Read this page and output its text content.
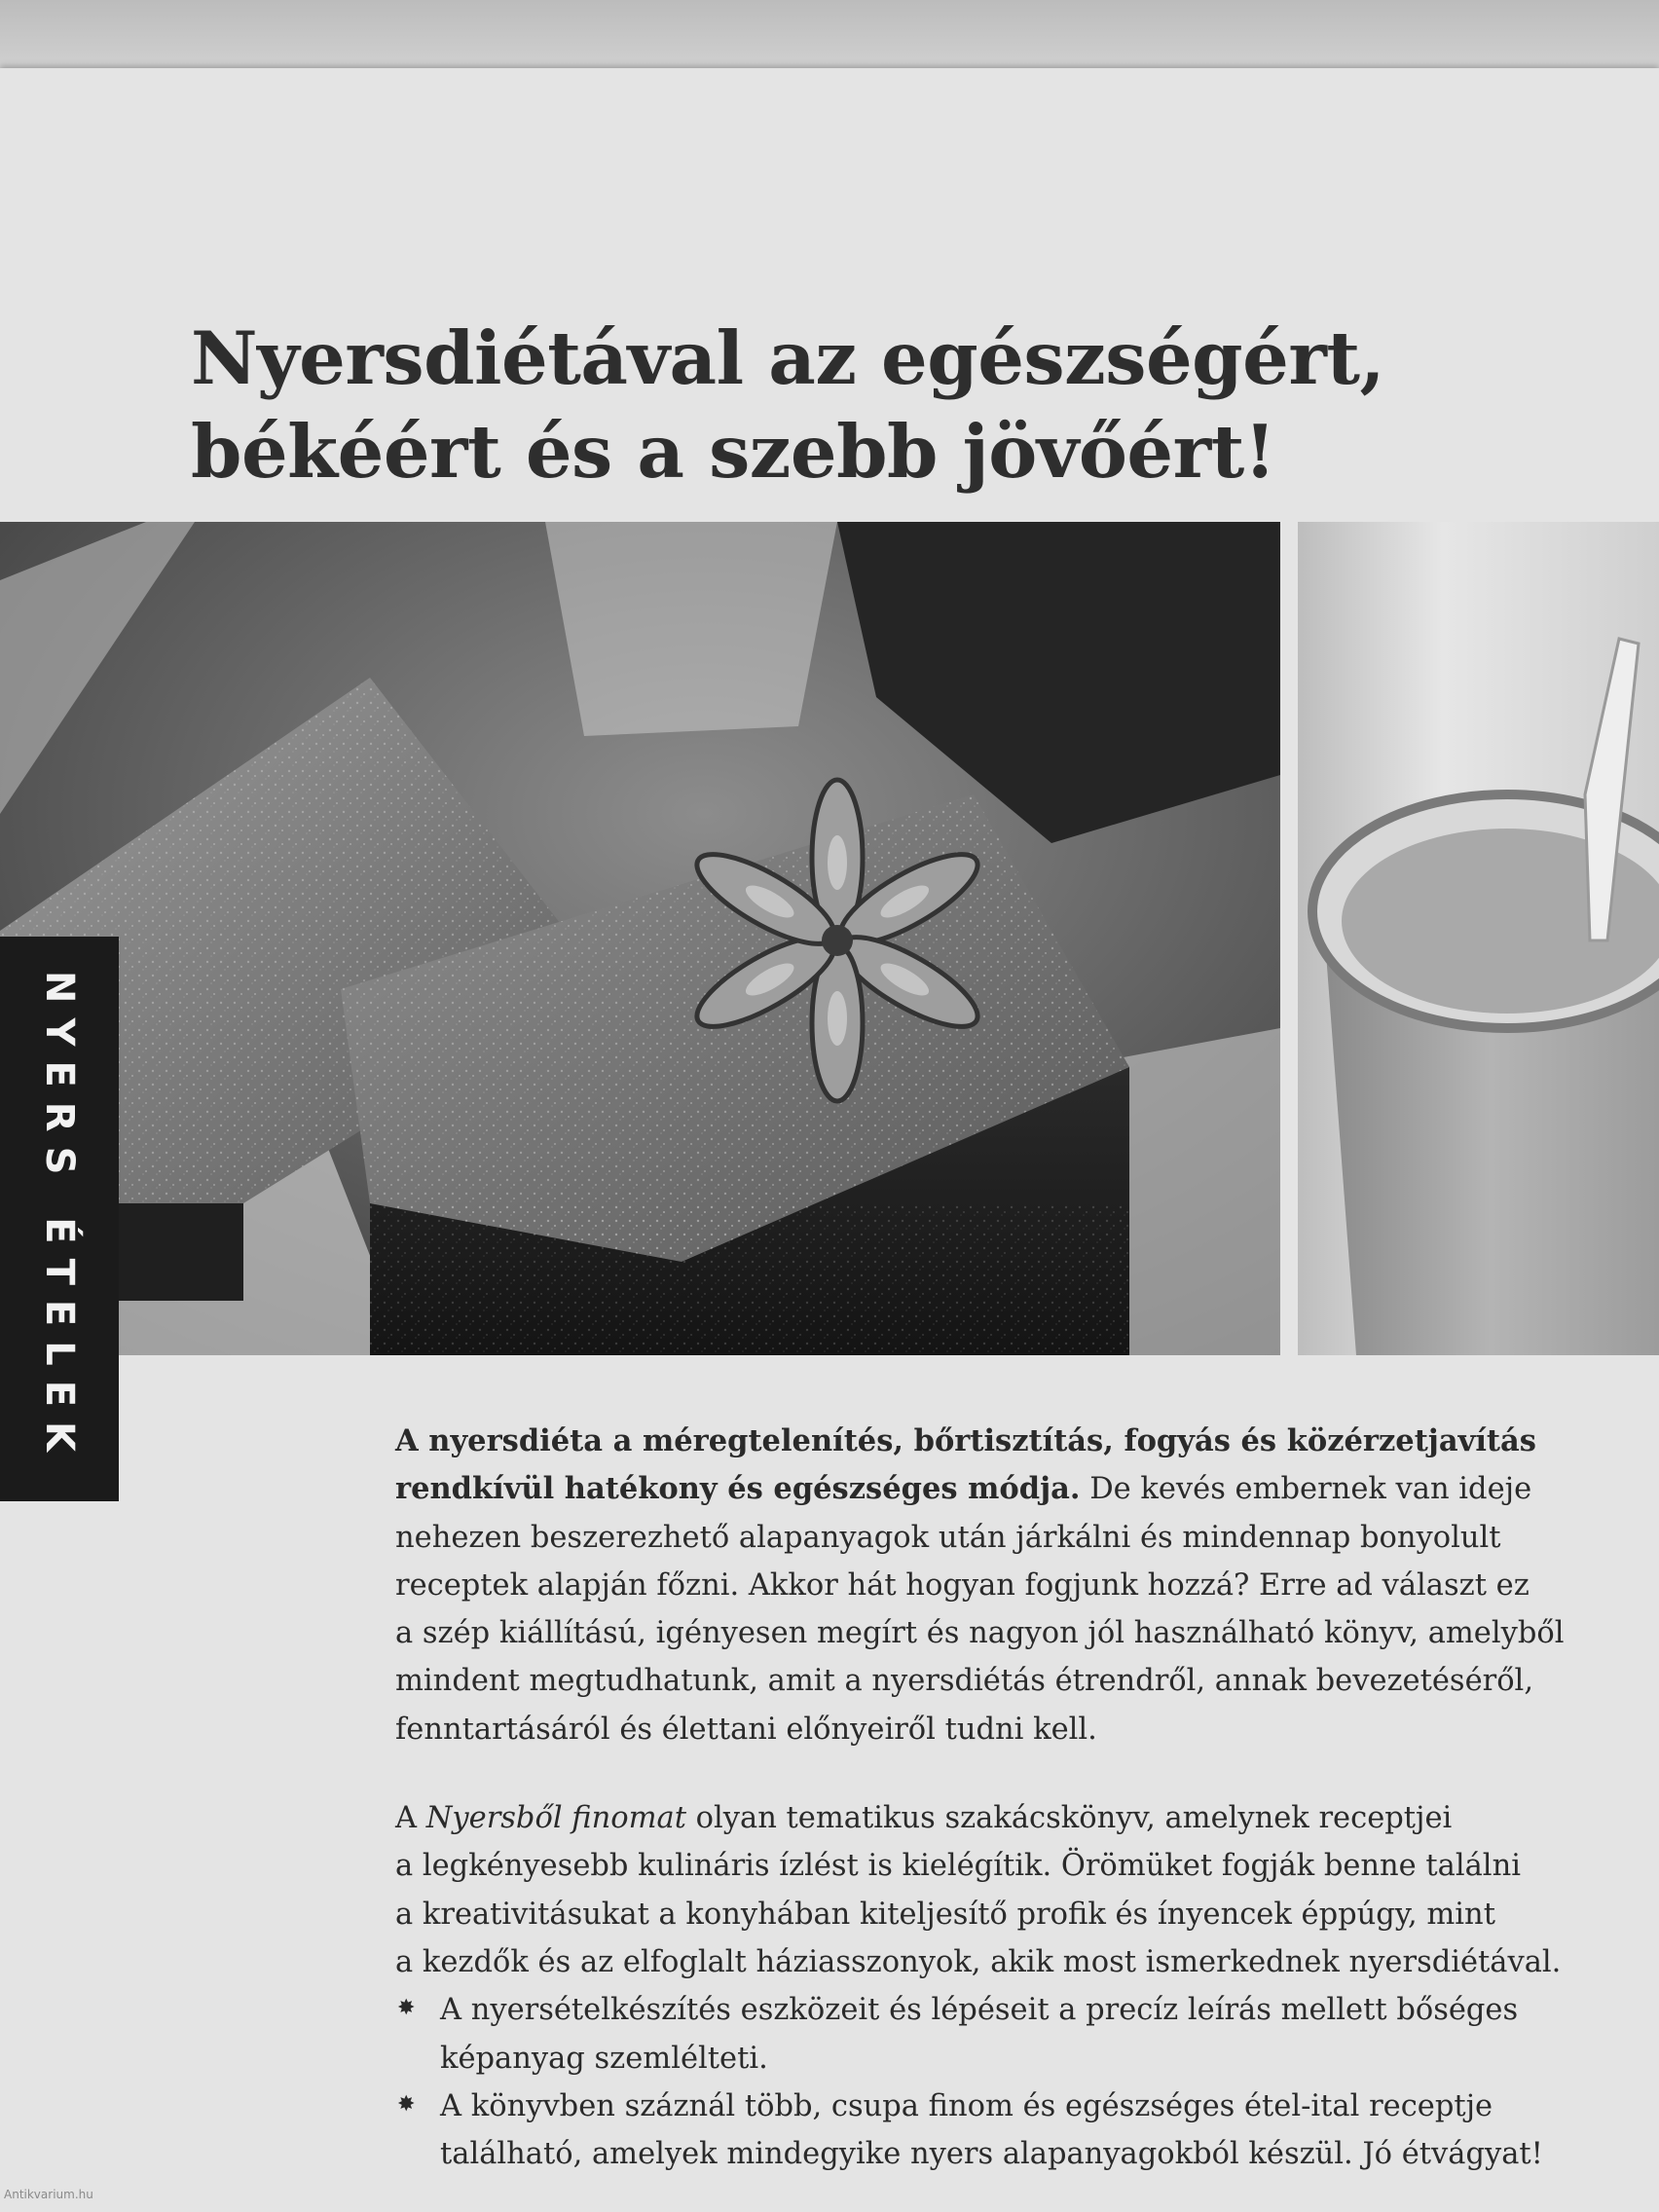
Nyersdiétával az egészségért,
békéért és a szebb jövőért!
NYERS ÉTELEK	A nyersdiéta a méregtelenítés, bőrtisztítás, fogyás és közérzetjavítás

rendkívül hatékony és egészséges módja. De kevés embernek van ideje

nehezen beszerezhető alapanyagok után járkálni és mindennap bonyolult

receptek alapján főzni. Akkor hát hogyan fogjunk hozzá? Erre ad választ ez

a szép kiállítású, igényesen megírt és nagyon jól használható könyv, amelyből

mindent megtudhatunk, amit a nyersdiétás étrendről, annak bevezetéséről,

fenntartásáról és élettani előnyeiről tudni kell.

A Nyersből finomat olyan tematikus szakácskönyv, amelynek receptjei

a legkényesebb kulináris ízlést is kielégítik. Örömüket fogják benne találni

a kreativitásukat a konyhában kiteljesítő profik és ínyencek éppúgy, mint

a kezdők és az elfoglalt háziasszonyok, akik most ismerkednek nyersdiétával.

✸ A nyersételkészítés eszközeit és lépéseit a precíz leírás mellett bőséges

képanyag szemlélteti.

✸ A könyvben száznál több, csupa finom és egészséges étel-ital receptje

található, amelyek mindegyike nyers alapanyagokból készül. Jó étvágyat!

Antikvarium.hu
